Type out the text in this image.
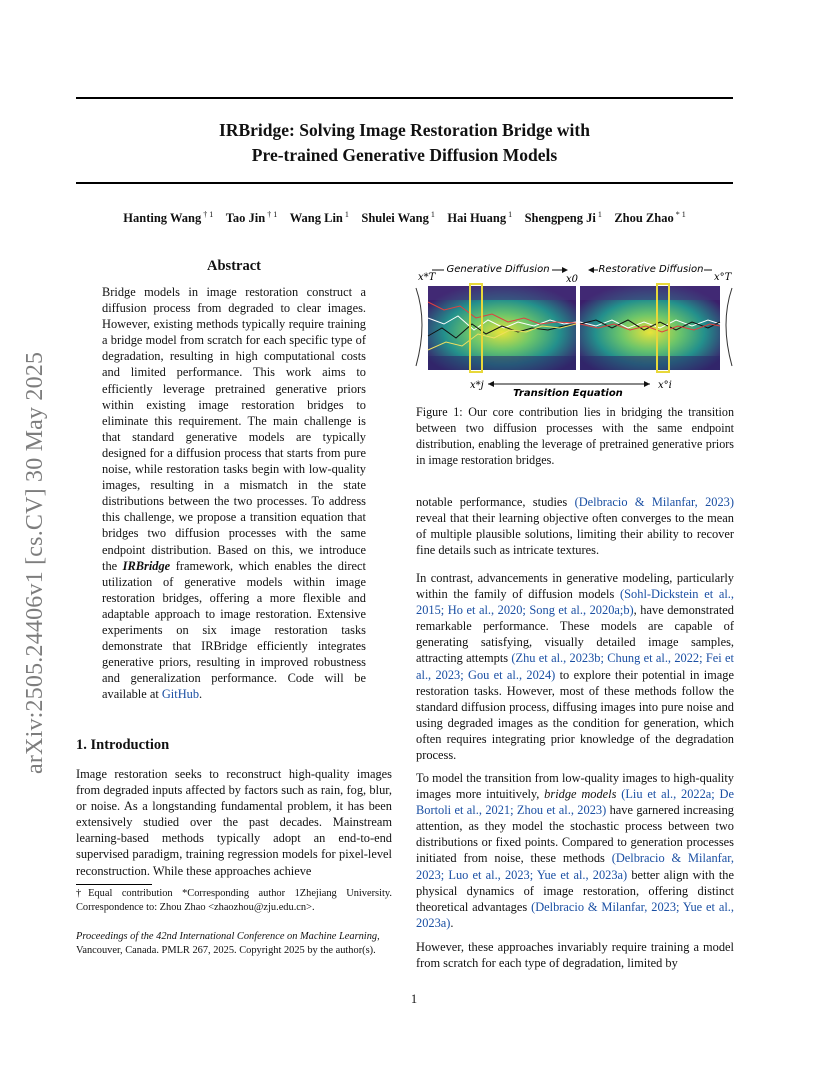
arXiv:2505.24406v1 [cs.CV] 30 May 2025
IRBridge: Solving Image Restoration Bridge with
Pre-trained Generative Diffusion Models
Hanting Wang $^{\dagger 1}$   Tao Jin $^{\dagger 1}$   Wang Lin $^1$   Shulei Wang $^1$   Hai Huang $^1$   Shengpeng Ji $^1$   Zhou Zhao $^{* 1}$
Abstract
Bridge models in image restoration construct a diffusion process from degraded to clear images. However, existing methods typically require training a bridge model from scratch for each specific type of degradation, resulting in high computational costs and limited performance. This work aims to efficiently leverage pretrained generative priors within existing image restoration bridges to eliminate this requirement. The main challenge is that standard generative models are typically designed for a diffusion process that starts from pure noise, while restoration tasks begin with low-quality images, resulting in a mismatch in the state distributions between the two processes. To address this challenge, we propose a transition equation that bridges two diffusion processes with the same endpoint distribution. Based on this, we introduce the IRBridge framework, which enables the direct utilization of generative models within image restoration bridges, offering a more flexible and adaptable approach to image restoration. Extensive experiments on six image restoration tasks demonstrate that IRBridge efficiently integrates generative priors, resulting in improved robustness and generalization performance. Code will be available at GitHub.
1. Introduction
Image restoration seeks to reconstruct high-quality images from degraded inputs affected by factors such as rain, fog, blur, or noise. As a longstanding fundamental problem, it has been extensively studied over the past decades. Mainstream learning-based methods typically adopt an end-to-end supervised paradigm, training regression models for pixel-level reconstruction. While these approaches achieve
†Equal contribution *Corresponding author 1Zhejiang University. Correspondence to: Zhou Zhao <zhaozhou@zju.edu.cn>.
Proceedings of the 42nd International Conference on Machine Learning, Vancouver, Canada. PMLR 267, 2025. Copyright 2025 by the author(s).
Generative Diffusion	Restorative Diffusion
x*T	x0	x°T
Transition Equation
x*j	x°i
Figure 1: Our core contribution lies in bridging the transition between two diffusion processes with the same endpoint distribution, enabling the leverage of pretrained generative priors in image restoration bridges.
notable performance, studies (Delbracio & Milanfar, 2023) reveal that their learning objective often converges to the mean of multiple plausible solutions, limiting their ability to recover fine details such as intricate textures.
In contrast, advancements in generative modeling, particularly within the family of diffusion models (Sohl-Dickstein et al., 2015; Ho et al., 2020; Song et al., 2020a;b), have demonstrated remarkable performance. These models are capable of generating satisfying, visually detailed image samples, attracting attempts (Zhu et al., 2023b; Chung et al., 2022; Fei et al., 2023; Gou et al., 2024) to explore their potential in image restoration tasks. However, most of these methods follow the standard diffusion process, diffusing images into pure noise and using degraded images as the condition for generation, which often requires integrating prior knowledge of the degradation process.
To model the transition from low-quality images to high-quality images more intuitively, bridge models (Liu et al., 2022a; De Bortoli et al., 2021; Zhou et al., 2023) have garnered increasing attention, as they model the stochastic process between two distributions or fixed points. Compared to generation processes initiated from noise, these methods (Delbracio & Milanfar, 2023; Luo et al., 2023; Yue et al., 2023a) better align with the physical dynamics of image restoration, offering distinct theoretical advantages (Delbracio & Milanfar, 2023; Yue et al., 2023a).
However, these approaches invariably require training a model from scratch for each type of degradation, limited by
1
